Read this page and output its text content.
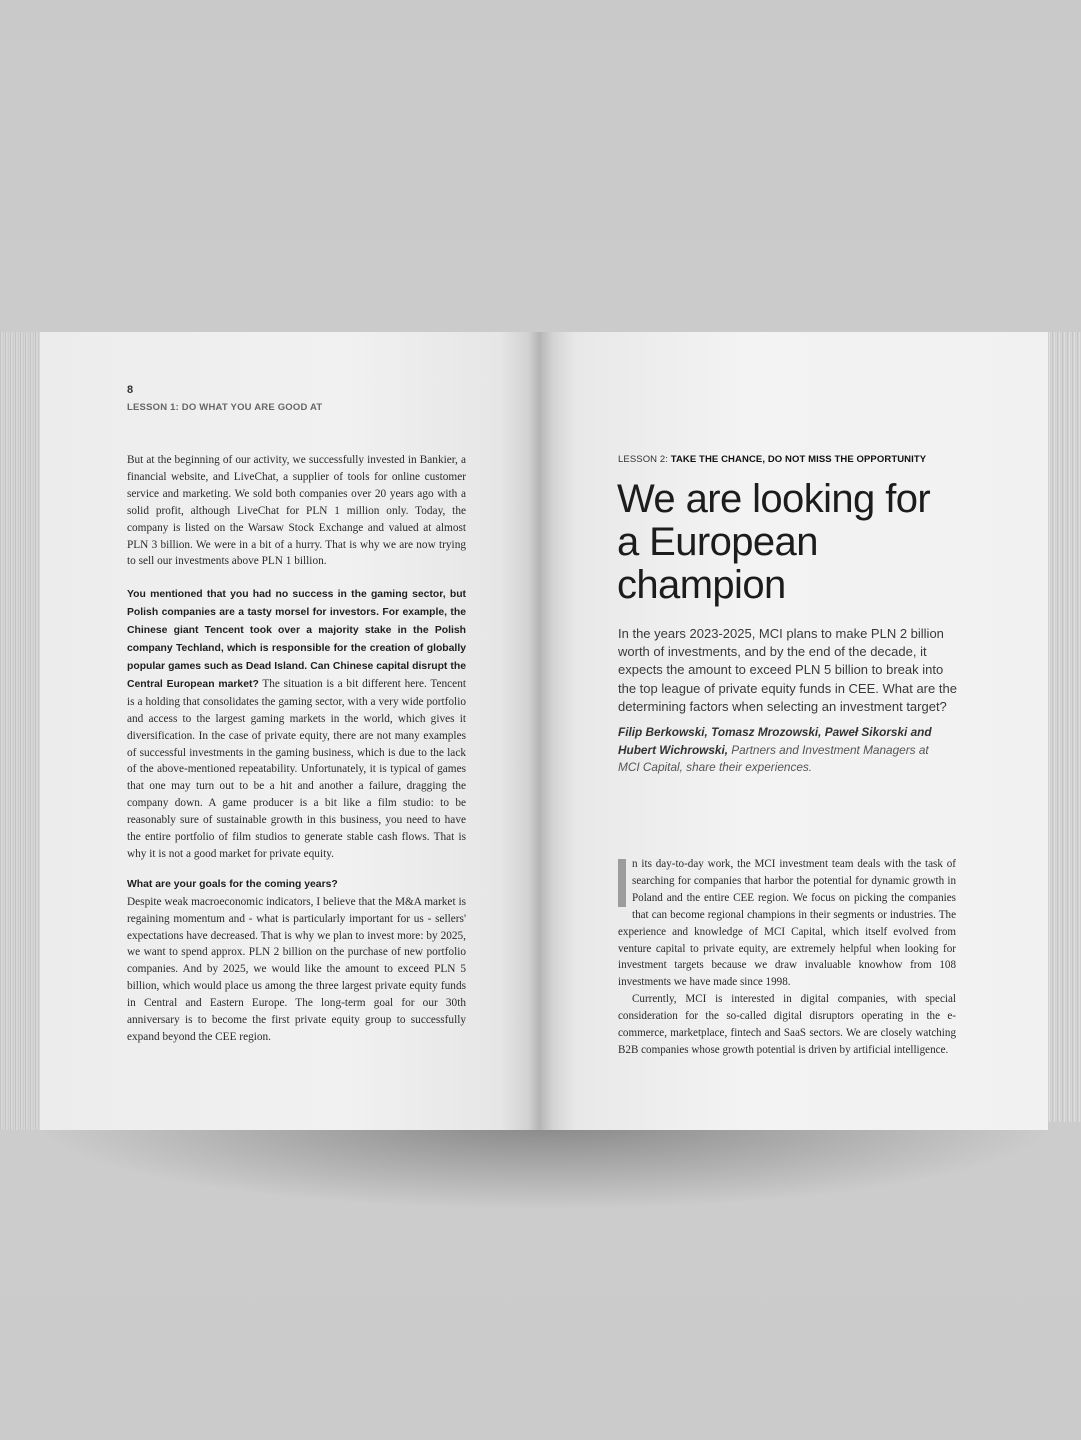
8
LESSON 1: DO WHAT YOU ARE GOOD AT

But at the beginning of our activity, we successfully invested in Bankier, a financial website, and LiveChat, a supplier of tools for online customer service and marketing. We sold both companies over 20 years ago with a solid profit, although LiveChat for PLN 1 million only. Today, the company is listed on the Warsaw Stock Exchange and valued at almost PLN 3 billion. We were in a bit of a hurry. That is why we are now trying to sell our investments above PLN 1 billion.

You mentioned that you had no success in the gaming sector, but Polish companies are a tasty morsel for investors. For example, the Chinese giant Tencent took over a majority stake in the Polish company Techland, which is responsible for the creation of globally popular games such as Dead Island. Can Chinese capital disrupt the Central European market? The situation is a bit different here. Tencent is a holding that consolidates the gaming sector, with a very wide portfolio and access to the largest gaming markets in the world, which gives it diversification. In the case of private equity, there are not many examples of successful investments in the gaming business, which is due to the lack of the above-mentioned repeatability. Unfortunately, it is typical of games that one may turn out to be a hit and another a failure, dragging the company down. A game producer is a bit like a film studio: to be reasonably sure of sustainable growth in this business, you need to have the entire portfolio of film studios to generate stable cash flows. That is why it is not a good market for private equity.

What are your goals for the coming years?
Despite weak macroeconomic indicators, I believe that the M&A market is regaining momentum and - what is particularly important for us - sellers' expectations have decreased. That is why we plan to invest more: by 2025, we want to spend approx. PLN 2 billion on the purchase of new portfolio companies. And by 2025, we would like the amount to exceed PLN 5 billion, which would place us among the three largest private equity funds in Central and Eastern Europe. The long-term goal for our 30th anniversary is to become the first private equity group to successfully expand beyond the CEE region.

LESSON 2: TAKE THE CHANCE, DO NOT MISS THE OPPORTUNITY
We are looking for a European champion
In the years 2023-2025, MCI plans to make PLN 2 billion worth of investments, and by the end of the decade, it expects the amount to exceed PLN 5 billion to break into the top league of private equity funds in CEE. What are the determining factors when selecting an investment target?
Filip Berkowski, Tomasz Mrozowski, Paweł Sikorski and Hubert Wichrowski, Partners and Investment Managers at MCI Capital, share their experiences.

n its day-to-day work, the MCI investment team deals with the task of searching for companies that harbor the potential for dynamic growth in Poland and the entire CEE region. We focus on picking the companies that can become regional champions in their segments or industries. The experience and knowledge of MCI Capital, which itself evolved from venture capital to private equity, are extremely helpful when looking for investment targets because we draw invaluable knowhow from 108 investments we have made since 1998.

Currently, MCI is interested in digital companies, with special consideration for the so-called digital disruptors operating in the e-commerce, marketplace, fintech and SaaS sectors. We are closely watching B2B companies whose growth potential is driven by artificial intelligence.
